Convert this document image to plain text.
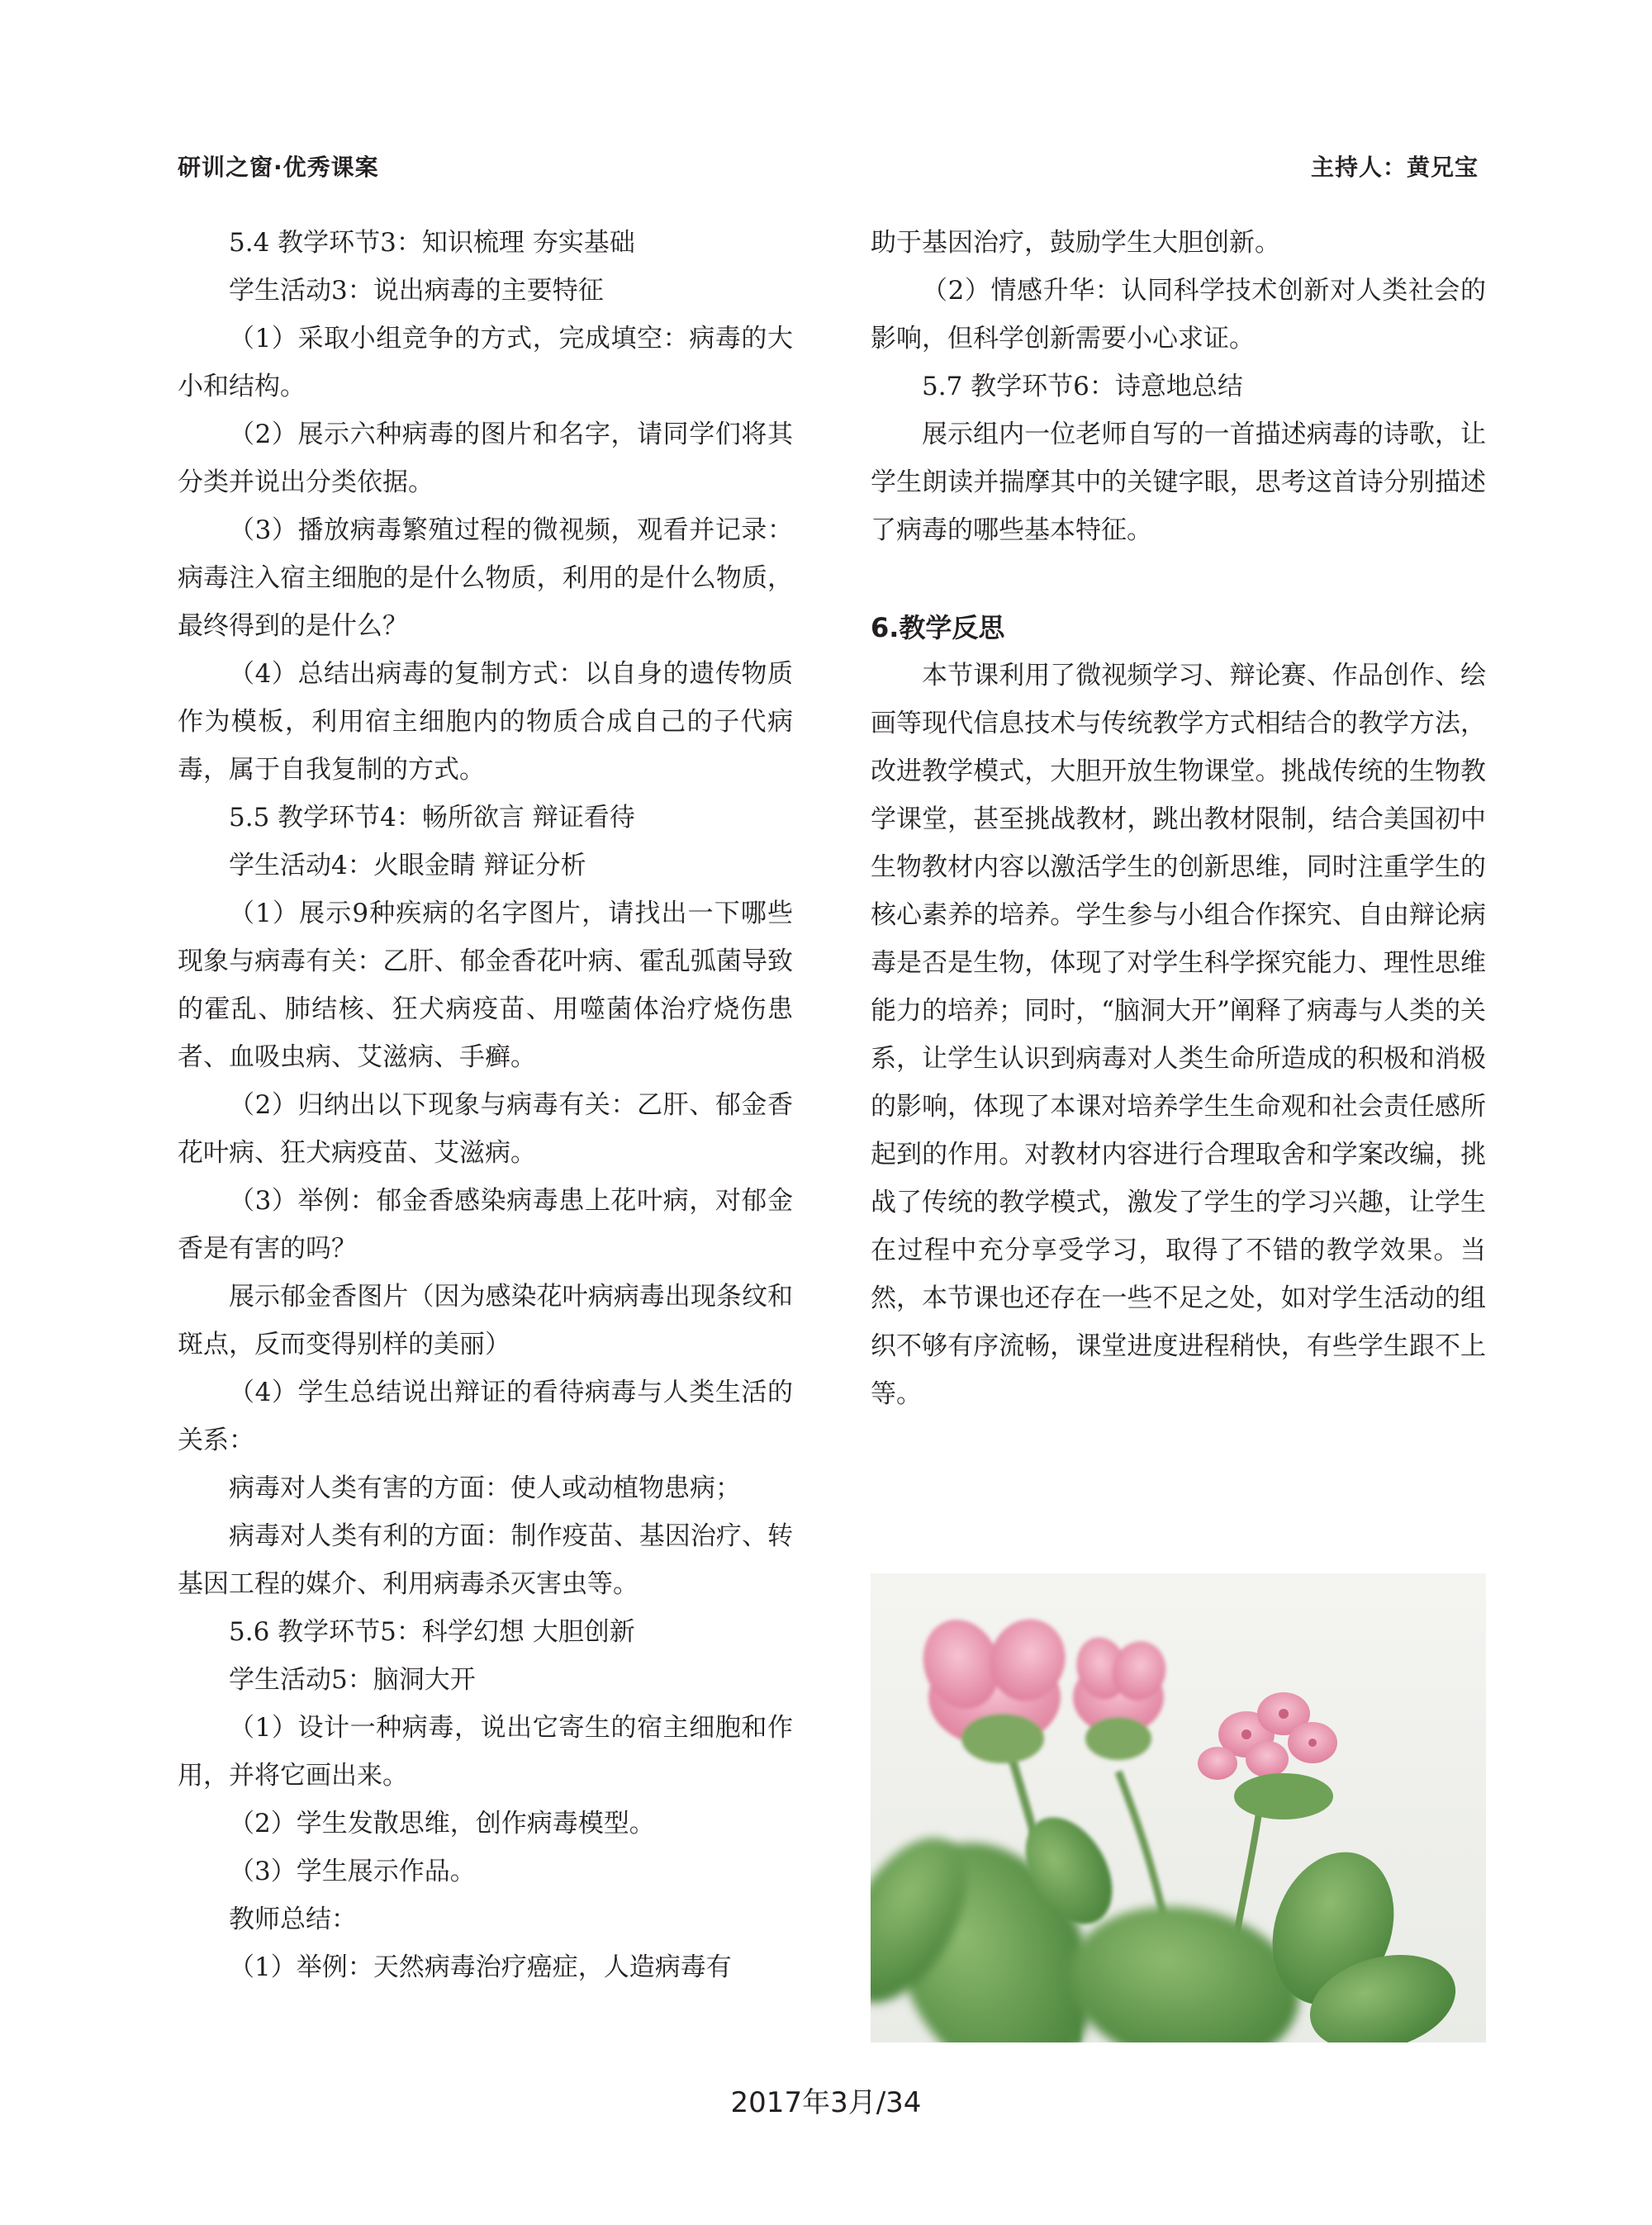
研训之窗·优秀课案	主持人：黄兄宝

5.4 教学环节3：知识梳理 夯实基础

学生活动3：说出病毒的主要特征

（1）采取小组竞争的方式，完成填空：病毒的大小和结构。

（2）展示六种病毒的图片和名字，请同学们将其分类并说出分类依据。

（3）播放病毒繁殖过程的微视频，观看并记录：病毒注入宿主细胞的是什么物质，利用的是什么物质，最终得到的是什么？

（4）总结出病毒的复制方式：以自身的遗传物质作为模板，利用宿主细胞内的物质合成自己的子代病毒，属于自我复制的方式。

5.5 教学环节4：畅所欲言 辩证看待

学生活动4：火眼金睛 辩证分析

（1）展示9种疾病的名字图片，请找出一下哪些现象与病毒有关：乙肝、郁金香花叶病、霍乱弧菌导致的霍乱、肺结核、狂犬病疫苗、用噬菌体治疗烧伤患者、血吸虫病、艾滋病、手癣。

（2）归纳出以下现象与病毒有关：乙肝、郁金香花叶病、狂犬病疫苗、艾滋病。

（3）举例：郁金香感染病毒患上花叶病，对郁金香是有害的吗？

展示郁金香图片（因为感染花叶病病毒出现条纹和斑点，反而变得别样的美丽）

（4）学生总结说出辩证的看待病毒与人类生活的关系：

病毒对人类有害的方面：使人或动植物患病；

病毒对人类有利的方面：制作疫苗、基因治疗、转基因工程的媒介、利用病毒杀灭害虫等。

5.6 教学环节5：科学幻想 大胆创新

学生活动5：脑洞大开

（1）设计一种病毒，说出它寄生的宿主细胞和作用，并将它画出来。

（2）学生发散思维，创作病毒模型。

（3）学生展示作品。

教师总结：

（1）举例：天然病毒治疗癌症，人造病毒有

助于基因治疗，鼓励学生大胆创新。

（2）情感升华：认同科学技术创新对人类社会的影响，但科学创新需要小心求证。

5.7 教学环节6：诗意地总结

展示组内一位老师自写的一首描述病毒的诗歌，让学生朗读并揣摩其中的关键字眼，思考这首诗分别描述了病毒的哪些基本特征。

6.教学反思

本节课利用了微视频学习、辩论赛、作品创作、绘画等现代信息技术与传统教学方式相结合的教学方法，改进教学模式，大胆开放生物课堂。挑战传统的生物教学课堂，甚至挑战教材，跳出教材限制，结合美国初中生物教材内容以激活学生的创新思维，同时注重学生的核心素养的培养。学生参与小组合作探究、自由辩论病毒是否是生物，体现了对学生科学探究能力、理性思维能力的培养；同时，“脑洞大开”阐释了病毒与人类的关系，让学生认识到病毒对人类生命所造成的积极和消极的影响，体现了本课对培养学生生命观和社会责任感所起到的作用。对教材内容进行合理取舍和学案改编，挑战了传统的教学模式，激发了学生的学习兴趣，让学生在过程中充分享受学习，取得了不错的教学效果。当然，本节课也还存在一些不足之处，如对学生活动的组织不够有序流畅，课堂进度进程稍快，有些学生跟不上等。

2017年3月/34
